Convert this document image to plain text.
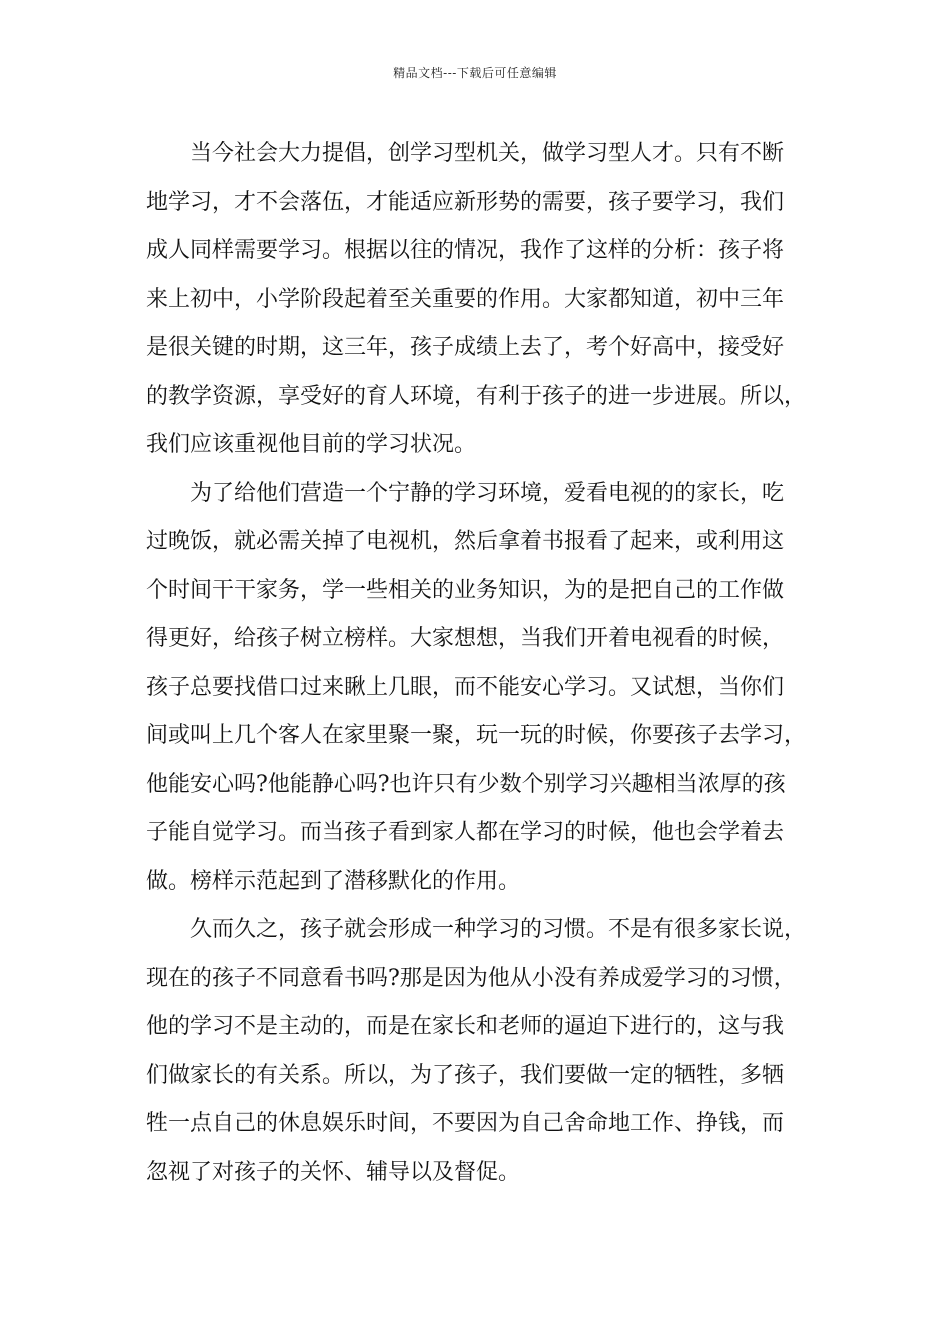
精品文档---下载后可任意编辑

当今社会大力提倡，创学习型机关，做学习型人才。只有不断
地学习，才不会落伍，才能适应新形势的需要，孩子要学习，我们
成人同样需要学习。根据以往的情况，我作了这样的分析：孩子将
来上初中，小学阶段起着至关重要的作用。大家都知道，初中三年
是很关键的时期，这三年，孩子成绩上去了，考个好高中，接受好
的教学资源，享受好的育人环境，有利于孩子的进一步进展。所以，
我们应该重视他目前的学习状况。

为了给他们营造一个宁静的学习环境，爱看电视的的家长，吃
过晚饭，就必需关掉了电视机，然后拿着书报看了起来，或利用这
个时间干干家务，学一些相关的业务知识，为的是把自己的工作做
得更好，给孩子树立榜样。大家想想，当我们开着电视看的时候，
孩子总要找借口过来瞅上几眼，而不能安心学习。又试想，当你们
间或叫上几个客人在家里聚一聚，玩一玩的时候，你要孩子去学习，
他能安心吗?他能静心吗?也许只有少数个别学习兴趣相当浓厚的孩
子能自觉学习。而当孩子看到家人都在学习的时候，他也会学着去
做。榜样示范起到了潜移默化的作用。

久而久之，孩子就会形成一种学习的习惯。不是有很多家长说，
现在的孩子不同意看书吗?那是因为他从小没有养成爱学习的习惯，
他的学习不是主动的，而是在家长和老师的逼迫下进行的，这与我
们做家长的有关系。所以，为了孩子，我们要做一定的牺牲，多牺
牲一点自己的休息娱乐时间，不要因为自己舍命地工作、挣钱，而
忽视了对孩子的关怀、辅导以及督促。
